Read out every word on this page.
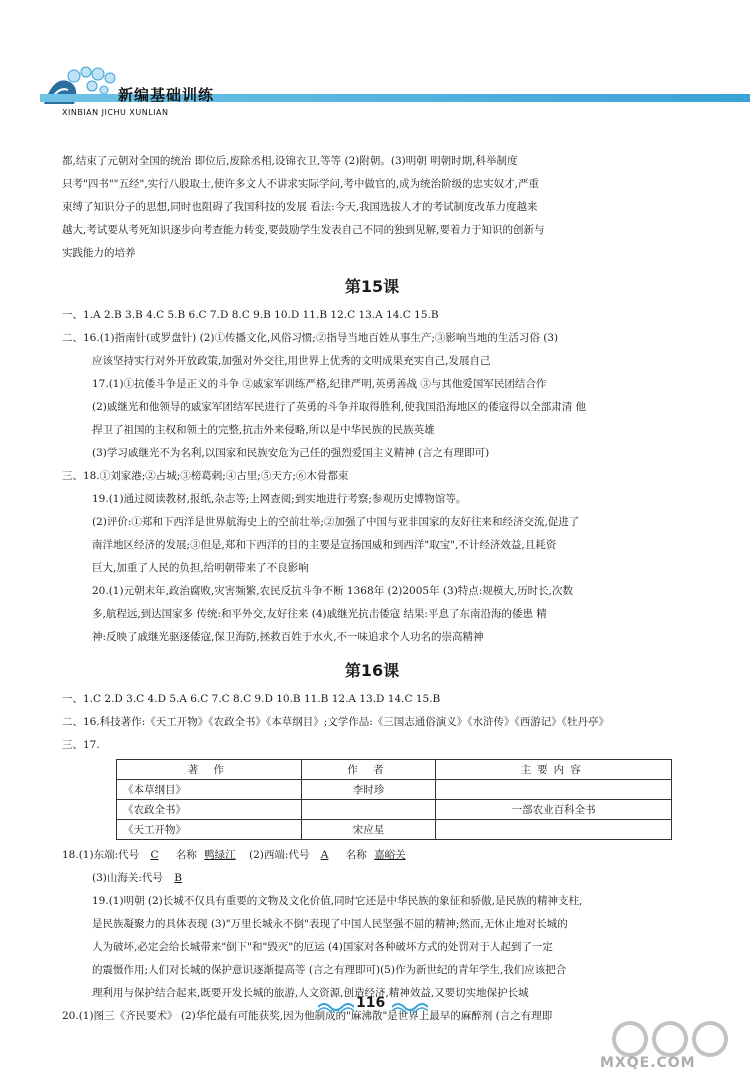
新编基础训练
XINBIAN JICHU XUNLIAN
都,结束了元朝对全国的统治 即位后,废除丞相,设锦衣卫,等等 (2)附朝。(3)明朝 明朝时期,科举制度
只考"四书""五经",实行八股取士,使许多文人不讲求实际学问,考中做官的,成为统治阶级的忠实奴才,严重
束缚了知识分子的思想,同时也阻碍了我国科技的发展 看法:今天,我国选拔人才的考试制度改革力度越来
越大,考试要从考死知识逐步向考查能力转变,要鼓励学生发表自己不同的独到见解,要着力于知识的创新与
实践能力的培养
第15课
一、1.A 2.B 3.B 4.C 5.B 6.C 7.D 8.C 9.B 10.D 11.B 12.C 13.A 14.C 15.B
二、16.(1)指南针(或罗盘针) (2)①传播文化,风俗习惯;②指导当地百姓从事生产;③影响当地的生活习俗 (3)
应该坚持实行对外开放政策,加强对外交往,用世界上优秀的文明成果充实自己,发展自己
17.(1)①抗倭斗争是正义的斗争 ②戚家军训练严格,纪律严明,英勇善战 ③与其他爱国军民团结合作
(2)戚继光和他领导的戚家军团结军民进行了英勇的斗争并取得胜利,使我国沿海地区的倭寇得以全部肃清 他
捍卫了祖国的主权和领土的完整,抗击外来侵略,所以是中华民族的民族英雄
(3)学习戚继光不为名利,以国家和民族安危为己任的强烈爱国主义精神 (言之有理即可)
三、18.①刘家港;②占城;③榜葛剌;④古里;⑤天方;⑥木骨都束
19.(1)通过阅读教材,报纸,杂志等;上网查阅;到实地进行考察;参观历史博物馆等。
(2)评价:①郑和下西洋是世界航海史上的空前壮举;②加强了中国与亚非国家的友好往来和经济交流,促进了
南洋地区经济的发展;③但是,郑和下西洋的目的主要是宣扬国威和到西洋"取宝",不计经济效益,且耗资
巨大,加重了人民的负担,给明朝带来了不良影响
20.(1)元朝末年,政治腐败,灾害频繁,农民反抗斗争不断 1368年 (2)2005年 (3)特点:规模大,历时长,次数
多,航程远,到达国家多 传统:和平外交,友好往来 (4)戚继光抗击倭寇 结果:平息了东南沿海的倭患 精
神:反映了戚继光驱逐倭寇,保卫海防,拯救百姓于水火,不一味追求个人功名的崇高精神
第16课
一、1.C 2.D 3.C 4.D 5.A 6.C 7.C 8.C 9.D 10.B 11.B 12.A 13.D 14.C 15.B
二、16.科技著作:《天工开物》《农政全书》《本草纲目》;文学作品:《三国志通俗演义》《水浒传》《西游记》《牡丹亭》
三、17.
著 作	作 者	主要内容
《本草纲目》	李时珍	
《农政全书》		一部农业百科全书
《天工开物》	宋应星	
18.(1)东端:代号 C 名称 鸭绿江 (2)西端:代号 A 名称 嘉峪关
(3)山海关:代号 B
19.(1)明朝 (2)长城不仅具有重要的文物及文化价值,同时它还是中华民族的象征和骄傲,是民族的精神支柱,
是民族凝聚力的具体表现 (3)"万里长城永不倒"表现了中国人民坚强不屈的精神;然而,无休止地对长城的
人为破坏,必定会给长城带来"倒下"和"毁灭"的厄运 (4)国家对各种破坏方式的处罚对于人起到了一定
的震慑作用;人们对长城的保护意识逐渐提高等 (言之有理即可)(5)作为新世纪的青年学生,我们应该把合
理利用与保护结合起来,既要开发长城的旅游,人文资源,创造经济,精神效益,又要切实地保护长城
20.(1)图三《齐民要术》 (2)华佗最有可能获奖,因为他制成的"麻沸散"是世界上最早的麻醉剂 (言之有理即
116
MXQE.COM
